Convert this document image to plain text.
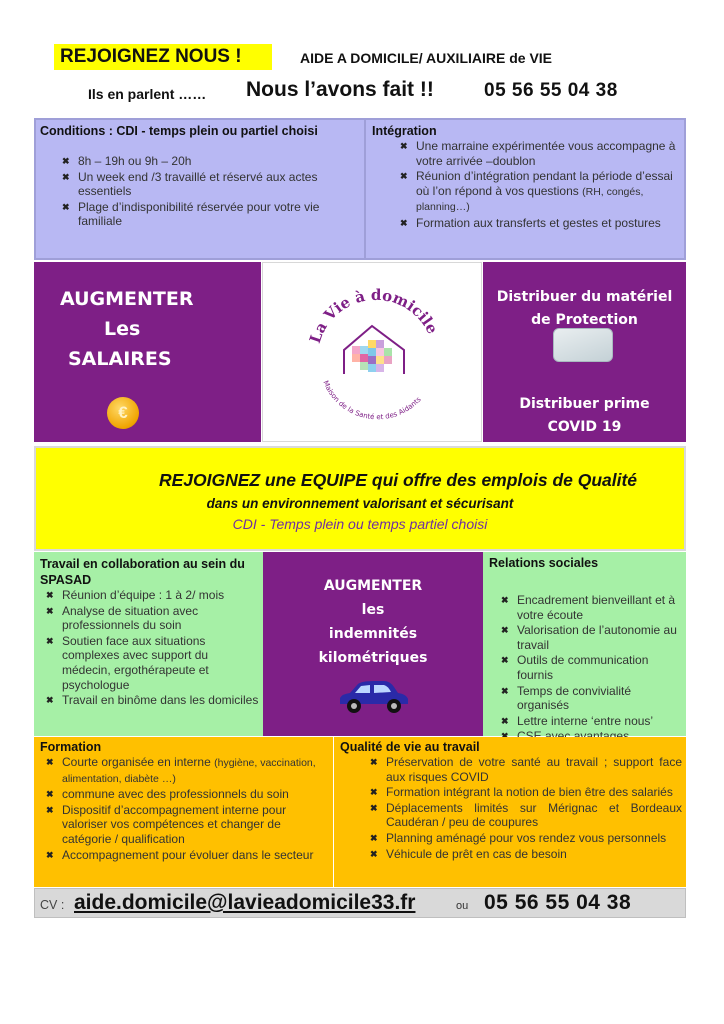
REJOIGNEZ NOUS !	AIDE A DOMICILE/ AUXILIAIRE de VIE
Ils en parlent …… Nous l’avons fait !!	05 56 55 04 38
Conditions : CDI - temps plein ou partiel choisi
✖ 8h – 19h ou 9h – 20h
✖ Un week end /3 travaillé et réservé aux actes essentiels
✖ Plage d’indisponibilité réservée pour votre vie familiale
Intégration
✖ Une marraine expérimentée vous accompagne à votre arrivée –doublon
✖ Réunion d’intégration pendant la période d’essai où l’on répond à vos questions (RH, congés, planning…)
✖ Formation aux transferts et gestes et postures
AUGMENTER
Les
SALAIRES
€
La Vie à domicile
Maison de la Santé et des Aidants
Distribuer du matériel
de Protection
Distribuer prime
COVID 19
REJOIGNEZ une EQUIPE qui offre des emplois de Qualité
dans un environnement valorisant et sécurisant
CDI - Temps plein ou temps partiel choisi
Travail en collaboration au sein du SPASAD
✖ Réunion d’équipe : 1 à 2/ mois
✖ Analyse de situation avec professionnels du soin
✖ Soutien face aux situations complexes avec support du médecin, ergothérapeute et psychologue
✖ Travail en binôme dans les domiciles
AUGMENTER
les
indemnités
kilométriques
Relations sociales
✖ Encadrement bienveillant et à votre écoute
✖ Valorisation de l’autonomie au travail
✖ Outils de communication fournis
✖ Temps de convivialité organisés
✖ Lettre interne ‘entre nous’
Formation
✖ Courte organisée en interne (hygiène, vaccination, alimentation, diabète …)
✖ commune avec des professionnels du soin
✖ Dispositif d’accompagnement interne pour valoriser vos compétences et changer de catégorie / qualification
✖ Accompagnement pour évoluer dans le secteur
Qualité de vie au travail
✖ Préservation de votre santé au travail ; support face aux risques COVID
✖ Formation intégrant la notion de bien être des salariés
✖ Déplacements limités sur Mérignac et Bordeaux Caudéran / peu de coupures
✖ Planning aménagé pour vos rendez vous personnels
✖ Véhicule de prêt en cas de besoin
CV : aide.domicile@lavieadomicile33.fr	ou 05 56 55 04 38
